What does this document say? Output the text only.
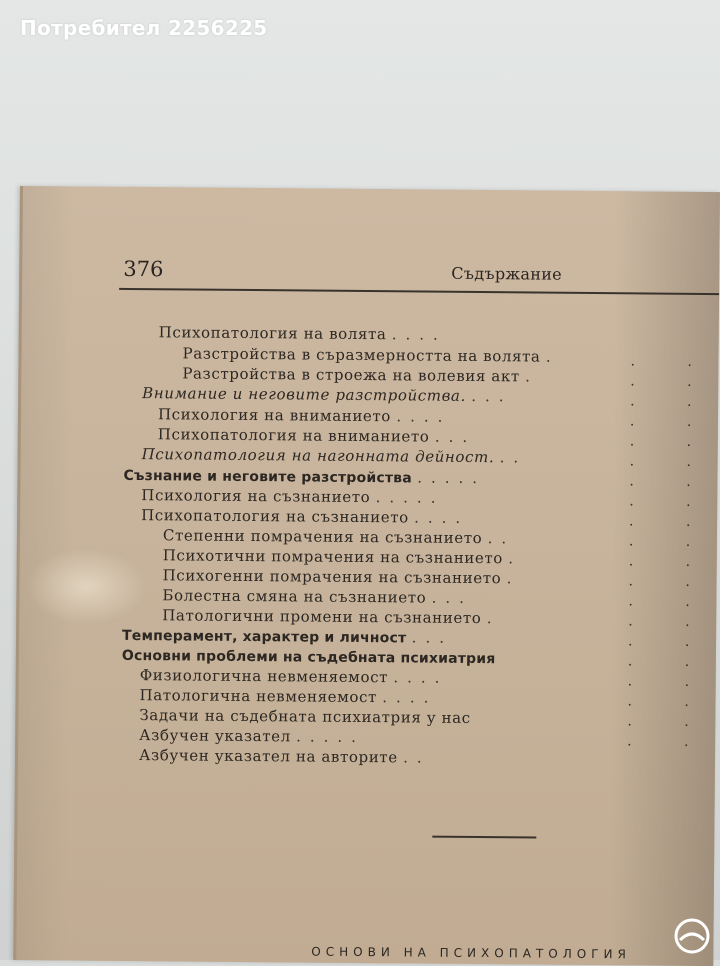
Потребител 2256225
376	Съдържание
Психопатология на волята ....
Разстройства в съразмерността на волята .
Разстройства в строежа на волевия акт .
Внимание и неговите разстройства. ...
Психология на вниманието ....
Психопатология на вниманието ...
Психопатология на нагонната дейност. ..
Съзнание и неговите разстройства .....
Психология на съзнанието .....
Психопатология на съзнанието ....
Степенни помрачения на съзнанието ..
Психотични помрачения на съзнанието .
Психогенни помрачения на съзнанието .
Болестна смяна на съзнанието ...
Патологични промени на съзнанието .
Темперамент, характер и личност ...
Основни проблеми на съдебната психиатрия
Физиологична невменяемост ....
Патологична невменяемост ....
Задачи на съдебната психиатрия у нас
Азбучен указател .....
Азбучен указател на авторите ..
. .
. .
. .
. .
. .
. .
. .
. .
. .
. .
. .
. .
. .
. .
. .
. .
. .
. .
. .
. .
ОСНОВИ НА ПСИХОПАТОЛОГИЯ
